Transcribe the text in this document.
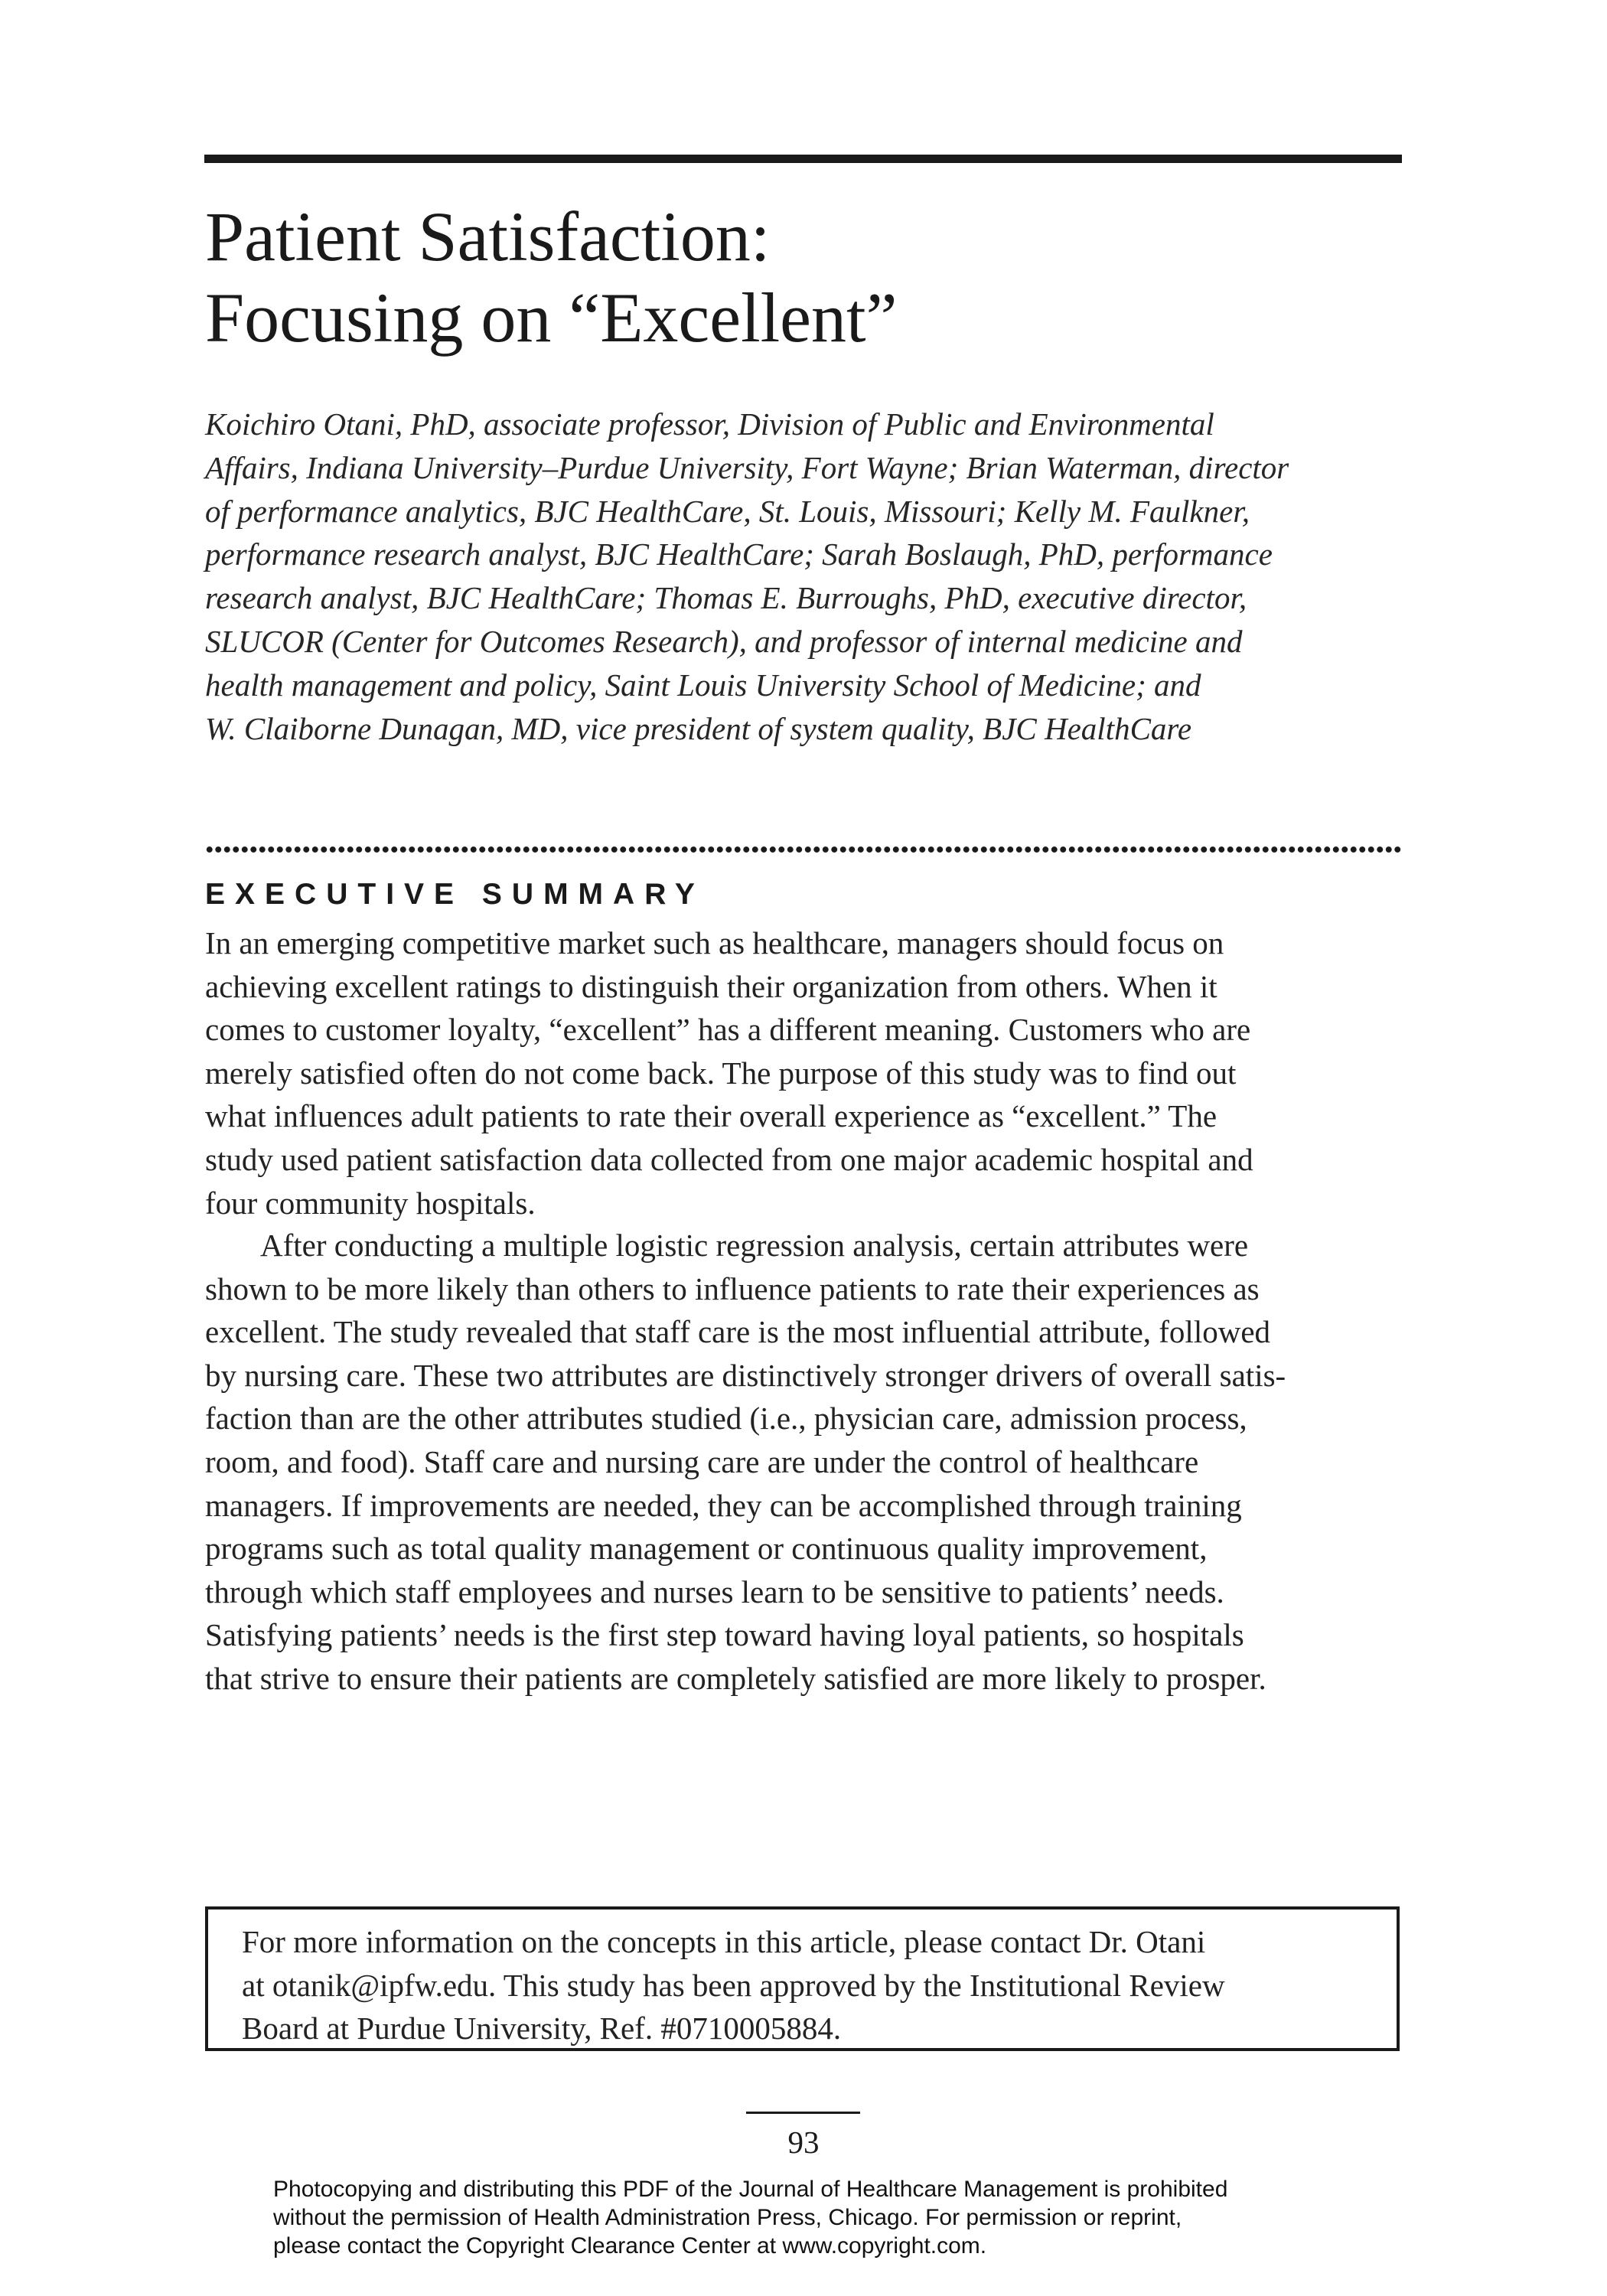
Patient Satisfaction:
Focusing on “Excellent”
Koichiro Otani, PhD, associate professor, Division of Public and Environmental
Affairs, Indiana University–Purdue University, Fort Wayne; Brian Waterman, director
of performance analytics, BJC HealthCare, St. Louis, Missouri; Kelly M. Faulkner,
performance research analyst, BJC HealthCare; Sarah Boslaugh, PhD, performance
research analyst, BJC HealthCare; Thomas E. Burroughs, PhD, executive director,
SLUCOR (Center for Outcomes Research), and professor of internal medicine and
health management and policy, Saint Louis University School of Medicine; and
W. Claiborne Dunagan, MD, vice president of system quality, BJC HealthCare
EXECUTIVE SUMMARY
In an emerging competitive market such as healthcare, managers should focus on
achieving excellent ratings to distinguish their organization from others. When it
comes to customer loyalty, “excellent” has a different meaning. Customers who are
merely satisfied often do not come back. The purpose of this study was to find out
what influences adult patients to rate their overall experience as “excellent.” The
study used patient satisfaction data collected from one major academic hospital and
four community hospitals.
After conducting a multiple logistic regression analysis, certain attributes were
shown to be more likely than others to influence patients to rate their experiences as
excellent. The study revealed that staff care is the most influential attribute, followed
by nursing care. These two attributes are distinctively stronger drivers of overall satis-
faction than are the other attributes studied (i.e., physician care, admission process,
room, and food). Staff care and nursing care are under the control of healthcare
managers. If improvements are needed, they can be accomplished through training
programs such as total quality management or continuous quality improvement,
through which staff employees and nurses learn to be sensitive to patients’ needs.
Satisfying patients’ needs is the first step toward having loyal patients, so hospitals
that strive to ensure their patients are completely satisfied are more likely to prosper.
For more information on the concepts in this article, please contact Dr. Otani
at otanik@ipfw.edu. This study has been approved by the Institutional Review
Board at Purdue University, Ref. #0710005884.

93

Photocopying and distributing this PDF of the Journal of Healthcare Management is prohibited
without the permission of Health Administration Press, Chicago. For permission or reprint,
please contact the Copyright Clearance Center at www.copyright.com.
